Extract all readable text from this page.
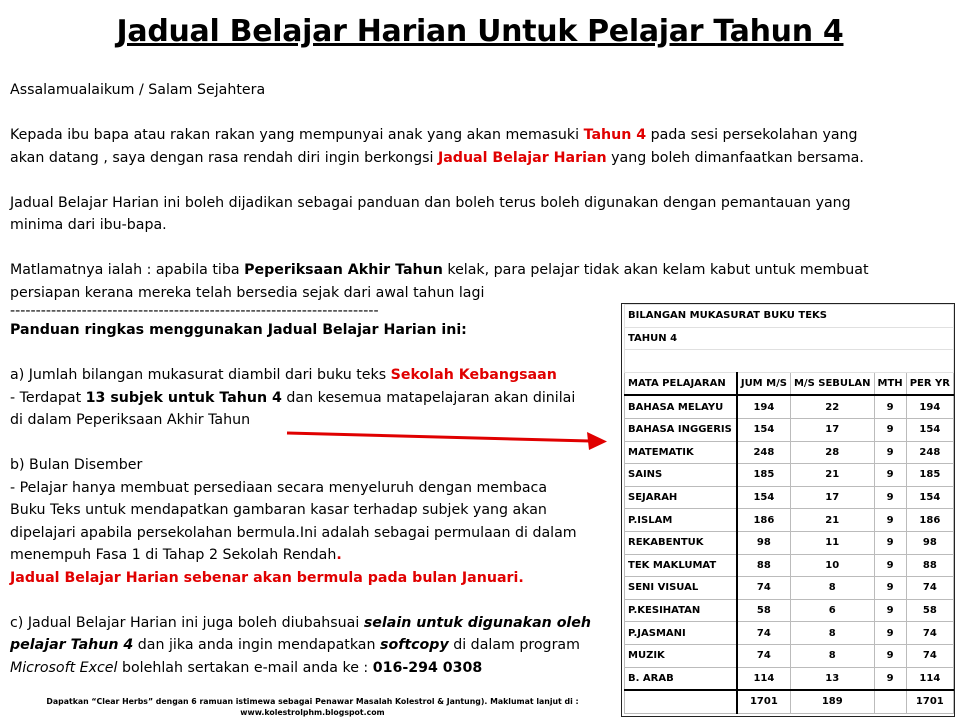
Jadual Belajar Harian Untuk Pelajar Tahun 4

Assalamualaikum / Salam Sejahtera

Kepada ibu bapa atau rakan rakan yang mempunyai anak yang akan memasuki Tahun 4 pada sesi persekolahan yang

akan datang , saya dengan rasa rendah diri ingin berkongsi Jadual Belajar Harian yang boleh dimanfaatkan bersama.

Jadual Belajar Harian ini boleh dijadikan sebagai panduan dan boleh terus boleh digunakan dengan pemantauan yang

minima dari ibu-bapa.

Matlamatnya ialah : apabila tiba Peperiksaan Akhir Tahun kelak, para pelajar tidak akan kelam kabut untuk membuat

persiapan kerana mereka telah bersedia sejak dari awal tahun lagi

------------------------------------------------------------------------

Panduan ringkas menggunakan Jadual Belajar Harian ini:

a) Jumlah bilangan mukasurat diambil dari buku teks Sekolah Kebangsaan

- Terdapat 13 subjek untuk Tahun 4 dan kesemua matapelajaran akan dinilai

di dalam Peperiksaan Akhir Tahun

b) Bulan Disember

- Pelajar hanya membuat persediaan secara menyeluruh dengan membaca

Buku Teks untuk mendapatkan gambaran kasar terhadap subjek yang akan

dipelajari apabila persekolahan bermula.Ini adalah sebagai permulaan di dalam

menempuh Fasa 1 di Tahap 2 Sekolah Rendah.

Jadual Belajar Harian sebenar akan bermula pada bulan Januari.

c) Jadual Belajar Harian ini juga boleh diubahsuai selain untuk digunakan oleh

pelajar Tahun 4 dan jika anda ingin mendapatkan softcopy di dalam program

Microsoft Excel bolehlah sertakan e-mail anda ke : 016-294 0308

Dapatkan “Clear Herbs” dengan 6 ramuan istimewa sebagai Penawar Masalah Kolestrol & Jantung). Maklumat lanjut di :
www.kolestrolphm.blogspot.com
BILANGAN MUKASURAT BUKU TEKS				
TAHUN 4				

MATA PELAJARAN	JUM M/S	M/S SEBULAN	MTH	PER YR
BAHASA MELAYU	194	22	9	194
BAHASA INGGERIS	154	17	9	154
MATEMATIK	248	28	9	248
SAINS	185	21	9	185
SEJARAH	154	17	9	154
P.ISLAM	186	21	9	186
REKABENTUK	98	11	9	98
TEK MAKLUMAT	88	10	9	88
SENI VISUAL	74	8	9	74
P.KESIHATAN	58	6	9	58
P.JASMANI	74	8	9	74
MUZIK	74	8	9	74
B. ARAB	114	13	9	114
	1701	189		1701
